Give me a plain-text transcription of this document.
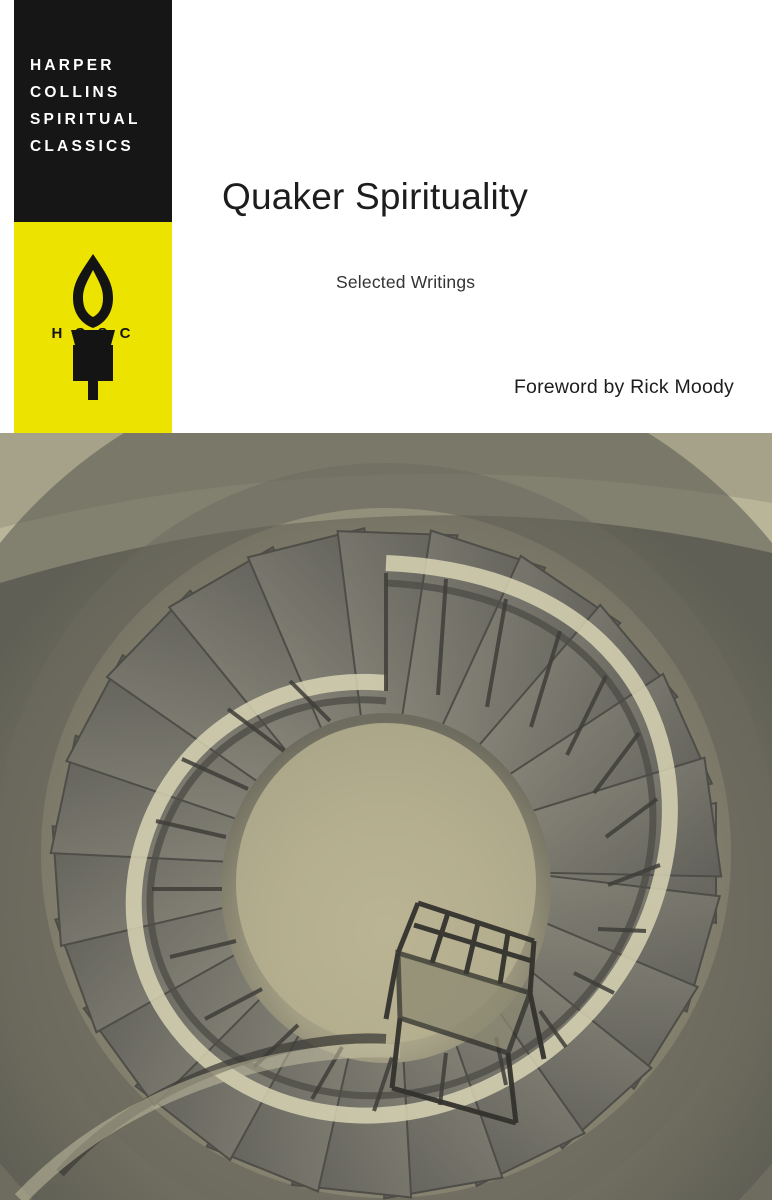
HARPER
COLLINS
SPIRITUAL
CLASSICS
H C S C
Quaker Spirituality
Selected Writings
Foreword by Rick Moody
